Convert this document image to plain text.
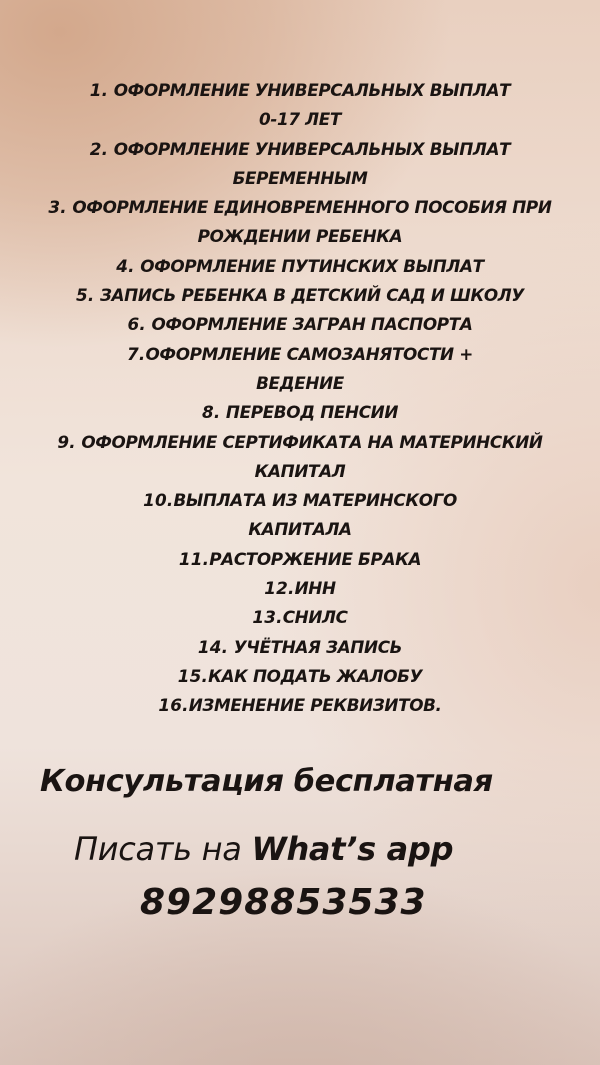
1. ОФОРМЛЕНИЕ УНИВЕРСАЛЬНЫХ ВЫПЛАТ
0-17 ЛЕТ
2. ОФОРМЛЕНИЕ УНИВЕРСАЛЬНЫХ ВЫПЛАТ
БЕРЕМЕННЫМ
3. ОФОРМЛЕНИЕ ЕДИНОВРЕМЕННОГО ПОСОБИЯ ПРИ
РОЖДЕНИИ РЕБЕНКА
4. ОФОРМЛЕНИЕ ПУТИНСКИХ ВЫПЛАТ
5. ЗАПИСЬ РЕБЕНКА В ДЕТСКИЙ САД И ШКОЛУ
6. ОФОРМЛЕНИЕ ЗАГРАН ПАСПОРТА
7.ОФОРМЛЕНИЕ САМОЗАНЯТОСТИ +
ВЕДЕНИЕ
8. ПЕРЕВОД ПЕНСИИ
9. ОФОРМЛЕНИЕ СЕРТИФИКАТА НА МАТЕРИНСКИЙ
КАПИТАЛ
10.ВЫПЛАТА ИЗ МАТЕРИНСКОГО
КАПИТАЛА
11.РАСТОРЖЕНИЕ БРАКА
12.ИНН
13.СНИЛС
14. УЧЁТНАЯ ЗАПИСЬ
15.КАК ПОДАТЬ ЖАЛОБУ
16.ИЗМЕНЕНИЕ РЕКВИЗИТОВ.
Консультация бесплатная
Писать на What’s app
89298853533
